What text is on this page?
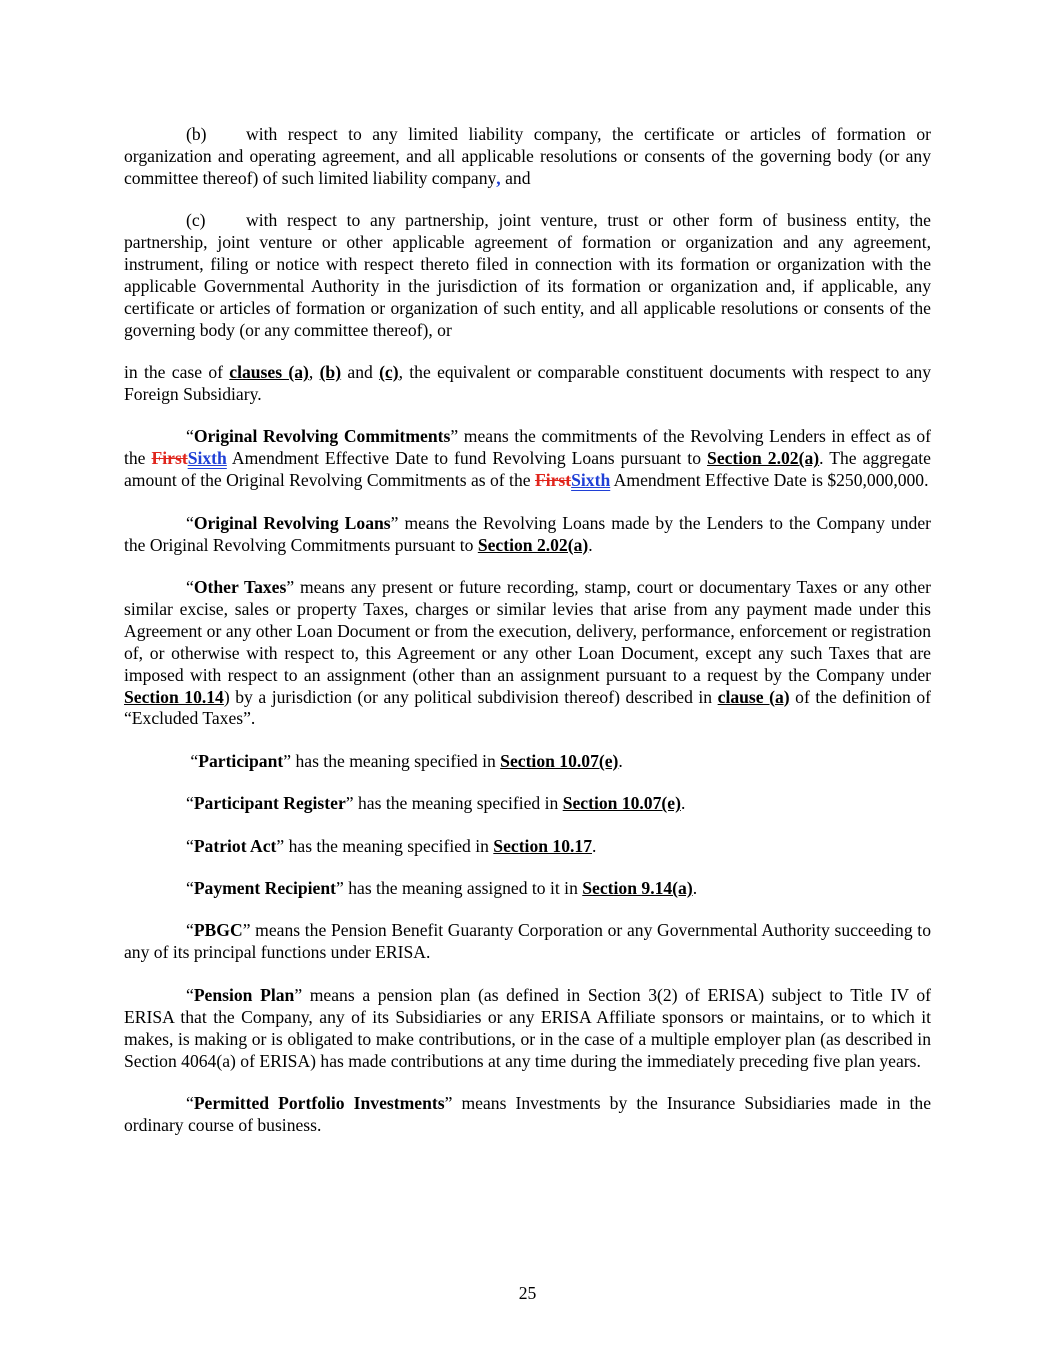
(b) with respect to any limited liability company, the certificate or articles of formation or organization and operating agreement, and all applicable resolutions or consents of the governing body (or any committee thereof) of such limited liability company, and

(c) with respect to any partnership, joint venture, trust or other form of business entity, the partnership, joint venture or other applicable agreement of formation or organization and any agreement, instrument, filing or notice with respect thereto filed in connection with its formation or organization with the applicable Governmental Authority in the jurisdiction of its formation or organization and, if applicable, any certificate or articles of formation or organization of such entity, and all applicable resolutions or consents of the governing body (or any committee thereof), or

in the case of clauses (a), (b) and (c), the equivalent or comparable constituent documents with respect to any Foreign Subsidiary.

“Original Revolving Commitments” means the commitments of the Revolving Lenders in effect as of the FirstSixth Amendment Effective Date to fund Revolving Loans pursuant to Section 2.02(a). The aggregate amount of the Original Revolving Commitments as of the FirstSixth Amendment Effective Date is $250,000,000.

“Original Revolving Loans” means the Revolving Loans made by the Lenders to the Company under the Original Revolving Commitments pursuant to Section 2.02(a).

“Other Taxes” means any present or future recording, stamp, court or documentary Taxes or any other similar excise, sales or property Taxes, charges or similar levies that arise from any payment made under this Agreement or any other Loan Document or from the execution, delivery, performance, enforcement or registration of, or otherwise with respect to, this Agreement or any other Loan Document, except any such Taxes that are imposed with respect to an assignment (other than an assignment pursuant to a request by the Company under Section 10.14) by a jurisdiction (or any political subdivision thereof) described in clause (a) of the definition of “Excluded Taxes”.

“Participant” has the meaning specified in Section 10.07(e).

“Participant Register” has the meaning specified in Section 10.07(e).

“Patriot Act” has the meaning specified in Section 10.17.

“Payment Recipient” has the meaning assigned to it in Section 9.14(a).

“PBGC” means the Pension Benefit Guaranty Corporation or any Governmental Authority succeeding to any of its principal functions under ERISA.

“Pension Plan” means a pension plan (as defined in Section 3(2) of ERISA) subject to Title IV of ERISA that the Company, any of its Subsidiaries or any ERISA Affiliate sponsors or maintains, or to which it makes, is making or is obligated to make contributions, or in the case of a multiple employer plan (as described in Section 4064(a) of ERISA) has made contributions at any time during the immediately preceding five plan years.

“Permitted Portfolio Investments” means Investments by the Insurance Subsidiaries made in the ordinary course of business.

25
